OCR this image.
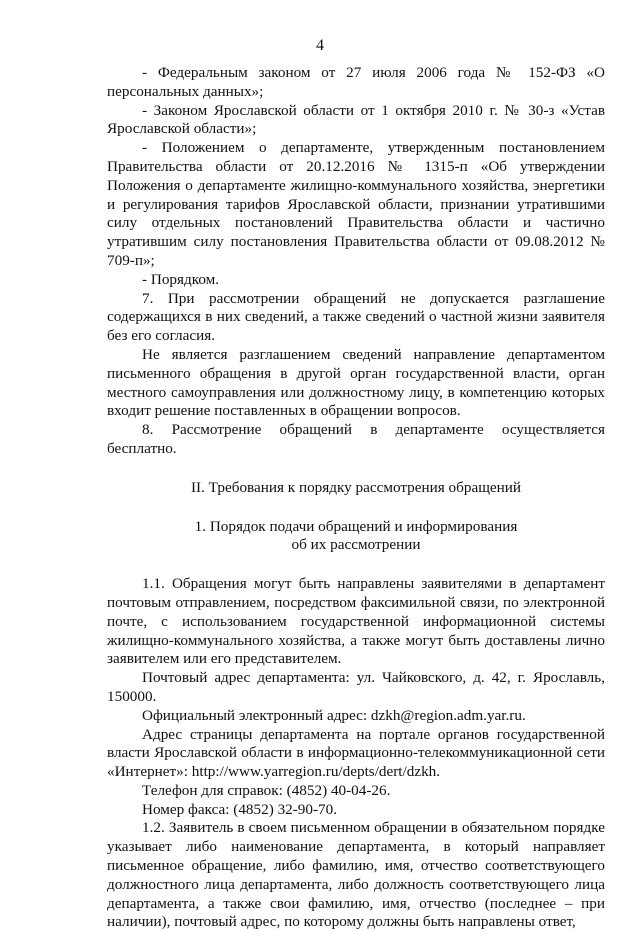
4

- Федеральным законом от 27 июля 2006 года № 152-ФЗ «О персональных данных»;

- Законом Ярославской области от 1 октября 2010 г. № 30-з «Устав Ярославской области»;

- Положением о департаменте, утвержденным постановлением Правительства области от 20.12.2016 № 1315-п «Об утверждении Положения о департаменте жилищно-коммунального хозяйства, энергетики и регулирования тарифов Ярославской области, признании утратившими силу отдельных постановлений Правительства области и частично утратившим силу постановления Правительства области от 09.08.2012 № 709-п»;

- Порядком.

7. При рассмотрении обращений не допускается разглашение содержащихся в них сведений, а также сведений о частной жизни заявителя без его согласия.

Не является разглашением сведений направление департаментом письменного обращения в другой орган государственной власти, орган местного самоуправления или должностному лицу, в компетенцию которых входит решение поставленных в обращении вопросов.

8. Рассмотрение обращений в департаменте осуществляется бесплатно.

II. Требования к порядку рассмотрения обращений

1. Порядок подачи обращений и информирования

об их рассмотрении

1.1. Обращения могут быть направлены заявителями в департамент почтовым отправлением, посредством факсимильной связи, по электронной почте, с использованием государственной информационной системы жилищно-коммунального хозяйства, а также могут быть доставлены лично заявителем или его представителем.

Почтовый адрес департамента: ул. Чайковского, д. 42, г. Ярославль, 150000.

Официальный электронный адрес: dzkh@region.adm.yar.ru.

Адрес страницы департамента на портале органов государственной власти Ярославской области в информационно-телекоммуникационной сети «Интернет»: http://www.yarregion.ru/depts/dert/dzkh.

Телефон для справок: (4852) 40-04-26.

Номер факса: (4852) 32-90-70.

1.2. Заявитель в своем письменном обращении в обязательном порядке указывает либо наименование департамента, в который направляет письменное обращение, либо фамилию, имя, отчество соответствующего должностного лица департамента, либо должность соответствующего лица департамента, а также свои фамилию, имя, отчество (последнее – при наличии), почтовый адрес, по которому должны быть направлены ответ,
